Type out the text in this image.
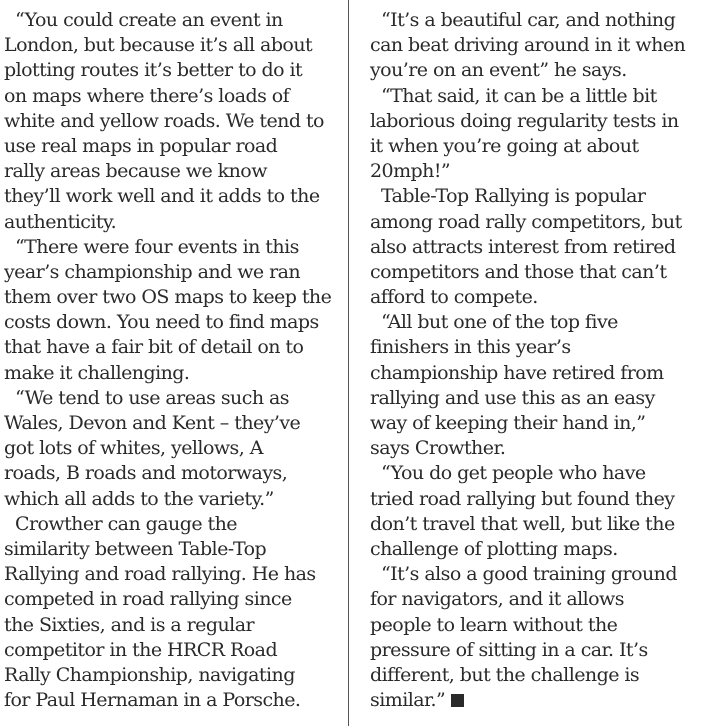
“You could create an event in
London, but because it’s all about
plotting routes it’s better to do it
on maps where there’s loads of
white and yellow roads. We tend to
use real maps in popular road
rally areas because we know
they’ll work well and it adds to the
authenticity.
“There were four events in this
year’s championship and we ran
them over two OS maps to keep the
costs down. You need to find maps
that have a fair bit of detail on to
make it challenging.
“We tend to use areas such as
Wales, Devon and Kent – they’ve
got lots of whites, yellows, A
roads, B roads and motorways,
which all adds to the variety.”
Crowther can gauge the
similarity between Table-Top
Rallying and road rallying. He has
competed in road rallying since
the Sixties, and is a regular
competitor in the HRCR Road
Rally Championship, navigating
for Paul Hernaman in a Porsche.
“It’s a beautiful car, and nothing
can beat driving around in it when
you’re on an event” he says.
“That said, it can be a little bit
laborious doing regularity tests in
it when you’re going at about
20mph!”
Table-Top Rallying is popular
among road rally competitors, but
also attracts interest from retired
competitors and those that can’t
afford to compete.
“All but one of the top five
finishers in this year’s
championship have retired from
rallying and use this as an easy
way of keeping their hand in,”
says Crowther.
“You do get people who have
tried road rallying but found they
don’t travel that well, but like the
challenge of plotting maps.
“It’s also a good training ground
for navigators, and it allows
people to learn without the
pressure of sitting in a car. It’s
different, but the challenge is
similar.”
